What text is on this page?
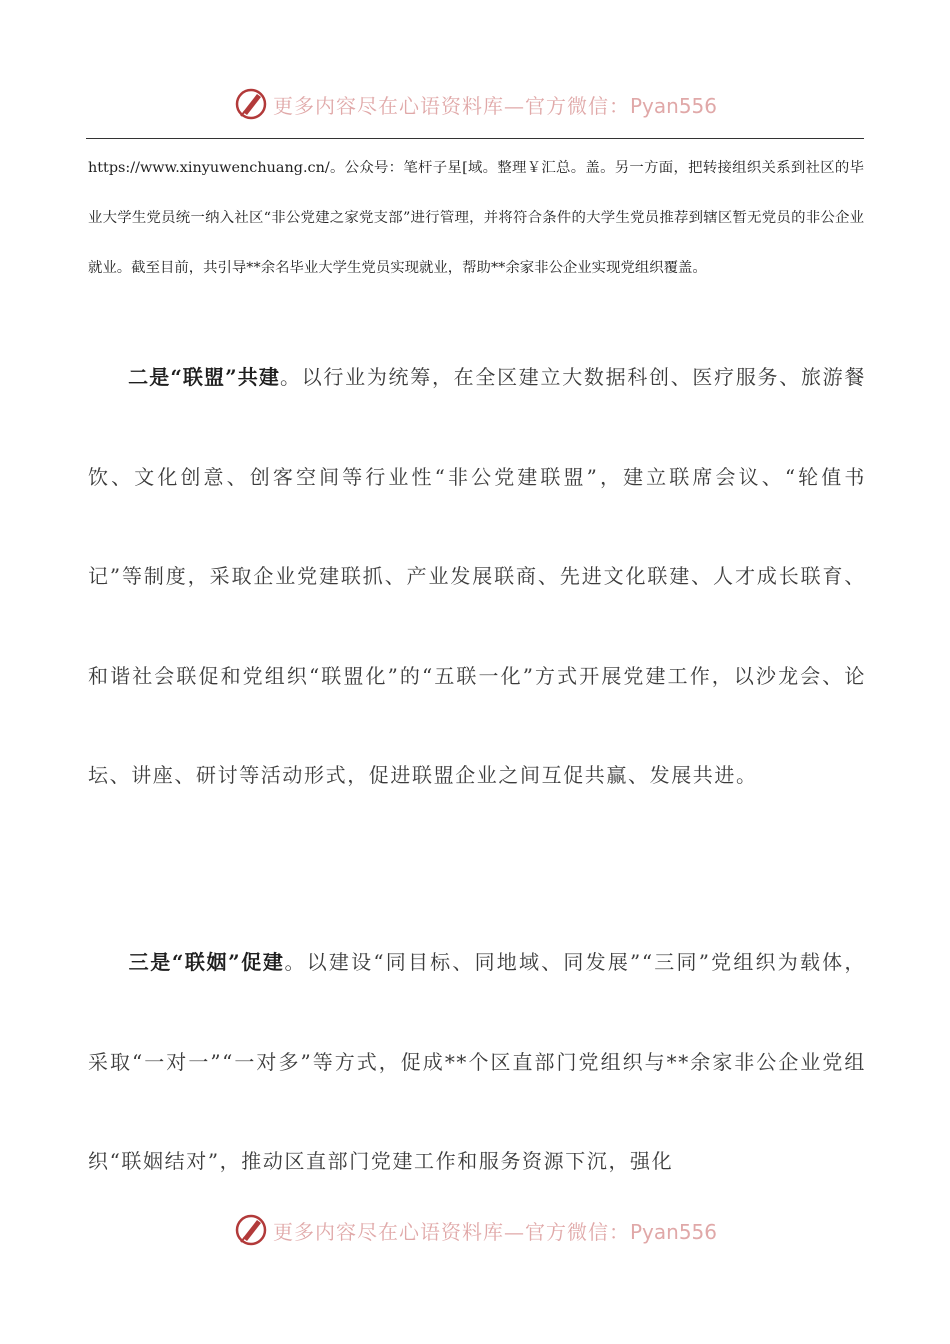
更多内容尽在心语资料库—官方微信：Pyan556

https://www.xinyuwenchuang.cn/。公众号：笔杆子星[域。整理￥汇总。盖。另一方面，把转接组织关系到社区的毕业大学生党员统一纳入社区“非公党建之家党支部”进行管理，并将符合条件的大学生党员推荐到辖区暂无党员的非公企业就业。截至目前，共引导**余名毕业大学生党员实现就业，帮助**余家非公企业实现党组织覆盖。

二是“联盟”共建。以行业为统筹，在全区建立大数据科创、医疗服务、旅游餐饮、文化创意、创客空间等行业性“非公党建联盟”，建立联席会议、“轮值书记”等制度，采取企业党建联抓、产业发展联商、先进文化联建、人才成长联育、和谐社会联促和党组织“联盟化”的“五联一化”方式开展党建工作，以沙龙会、论坛、讲座、研讨等活动形式，促进联盟企业之间互促共赢、发展共进。

三是“联姻”促建。以建设“同目标、同地域、同发展”“三同”党组织为载体，采取“一对一”“一对多”等方式，促成**个区直部门党组织与**余家非公企业党组织“联姻结对”，推动区直部门党建工作和服务资源下沉，强化

更多内容尽在心语资料库—官方微信：Pyan556
